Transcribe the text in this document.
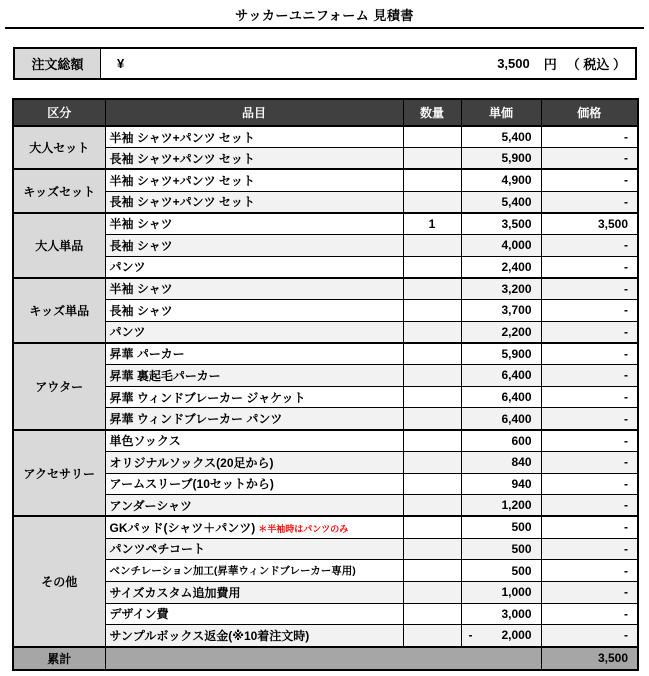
サッカーユニフォーム 見積書
注文総額	¥	3,500 円 （ 税込 ）
区分	品目	数量	単価	価格
大人セット	半袖 シャツ+パンツ セット		5,400	-
	長袖 シャツ+パンツ セット		5,900	-
キッズセット	半袖 シャツ+パンツ セット		4,900	-
	長袖 シャツ+パンツ セット		5,400	-
大人単品	半袖 シャツ	1	3,500	3,500
	長袖 シャツ		4,000	-
	パンツ		2,400	-
キッズ単品	半袖 シャツ		3,200	-
	長袖 シャツ		3,700	-
	パンツ		2,200	-
アウター	昇華 パーカー		5,900	-
	昇華 裏起毛パーカー		6,400	-
	昇華 ウィンドブレーカー ジャケット		6,400	-
	昇華 ウィンドブレーカー パンツ		6,400	-
アクセサリー	単色ソックス		600	-
	オリジナルソックス(20足から)		840	-
	アームスリーブ(10セットから)		940	-
	アンダーシャツ		1,200	-
その他	GKパッド(シャツ＋パンツ) ＊半袖時はパンツのみ		500	-
	パンツペチコート		500	-
	ベンチレーション加工(昇華ウィンドブレーカー専用)		500	-
	サイズカスタム追加費用		1,000	-
	デザイン費		3,000	-
	サンプルボックス返金(※10着注文時)		- 2,000	-
累計				3,500
